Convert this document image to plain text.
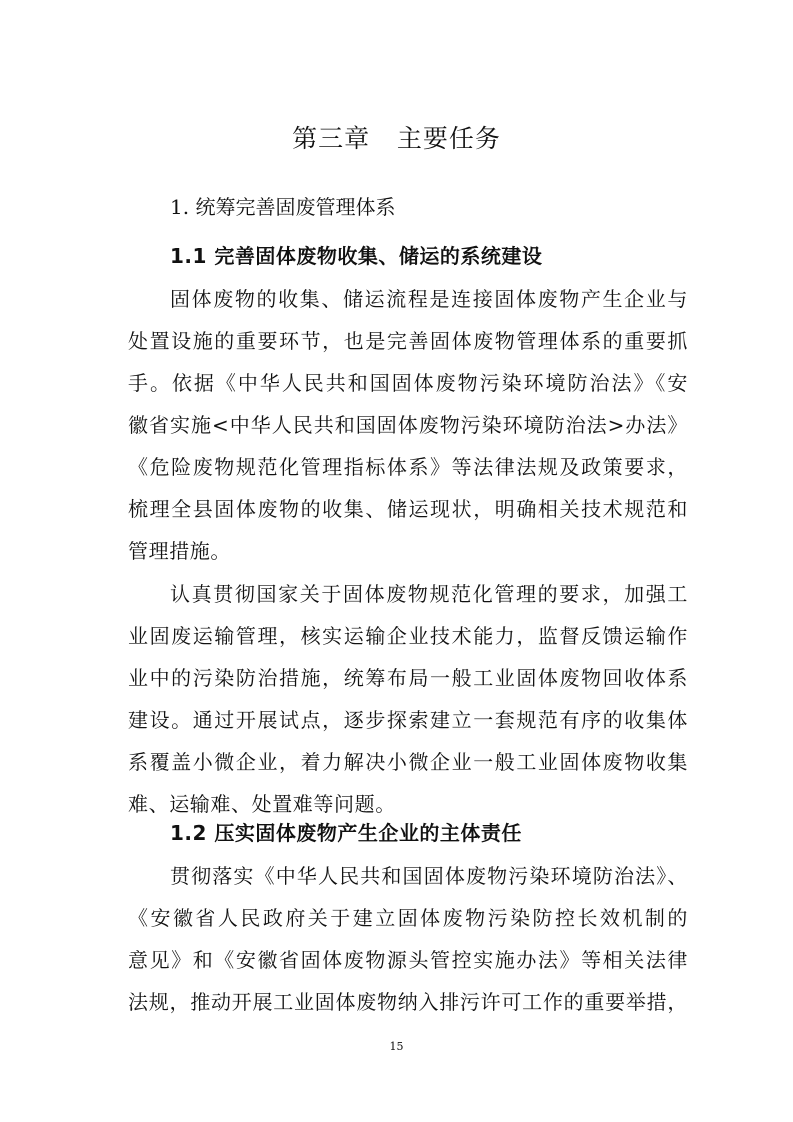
第三章   主要任务
1. 统筹完善固废管理体系
1.1 完善固体废物收集、储运的系统建设
固体废物的收集、储运流程是连接固体废物产生企业与
处置设施的重要环节，也是完善固体废物管理体系的重要抓
手。依据《中华人民共和国固体废物污染环境防治法》《安
徽省实施<中华人民共和国固体废物污染环境防治法>办法》
《危险废物规范化管理指标体系》等法律法规及政策要求，
梳理全县固体废物的收集、储运现状，明确相关技术规范和
管理措施。
认真贯彻国家关于固体废物规范化管理的要求，加强工
业固废运输管理，核实运输企业技术能力，监督反馈运输作
业中的污染防治措施，统筹布局一般工业固体废物回收体系
建设。通过开展试点，逐步探索建立一套规范有序的收集体
系覆盖小微企业，着力解决小微企业一般工业固体废物收集
难、运输难、处置难等问题。
1.2 压实固体废物产生企业的主体责任
贯彻落实《中华人民共和国固体废物污染环境防治法》、
《安徽省人民政府关于建立固体废物污染防控长效机制的
意见》和《安徽省固体废物源头管控实施办法》等相关法律
法规，推动开展工业固体废物纳入排污许可工作的重要举措，
15
